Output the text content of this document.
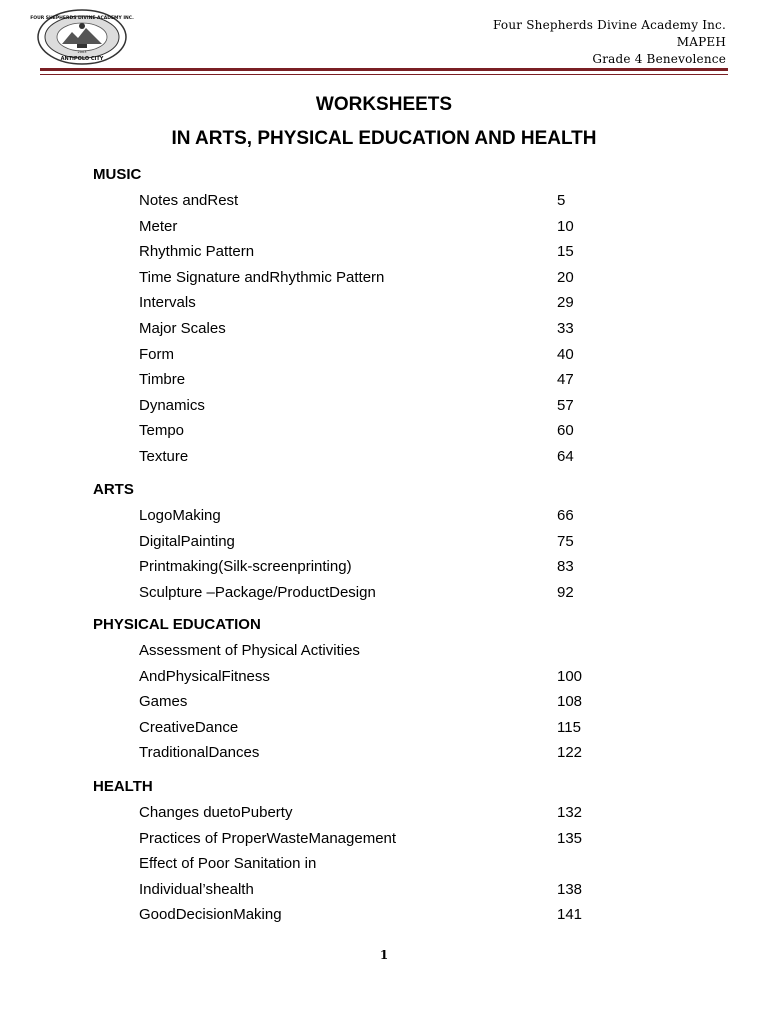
FOUR SHEPHERDS DIVINE ACADEMY INC.
ANTIPOLO CITY
2003
Four Shepherds Divine Academy Inc.
MAPEH
Grade 4 Benevolence
WORKSHEETS
IN ARTS, PHYSICAL EDUCATION AND HEALTH
MUSIC
Notes andRest	5
Meter	10
Rhythmic Pattern	15
Time Signature andRhythmic Pattern	20
Intervals	29
Major Scales	33
Form	40
Timbre	47
Dynamics	57
Tempo	60
Texture	64
ARTS
LogoMaking	66
DigitalPainting	75
Printmaking(Silk-screenprinting)	83
Sculpture –Package/ProductDesign	92
PHYSICAL EDUCATION
Assessment of Physical Activities
AndPhysicalFitness	100
Games	108
CreativeDance	115
TraditionalDances	122
HEALTH
Changes duetoPuberty	132
Practices of ProperWasteManagement	135
Effect of Poor Sanitation in
Individual’shealth	138
GoodDecisionMaking	141
1
